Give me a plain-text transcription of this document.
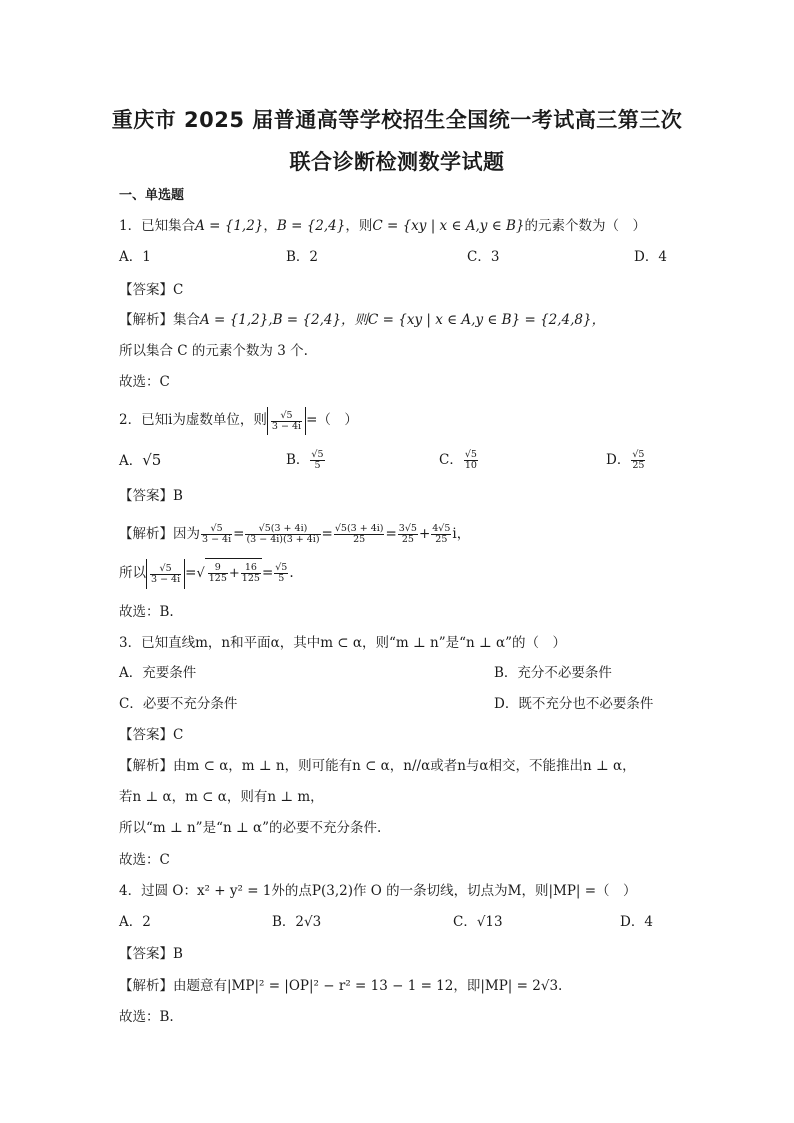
重庆市 2025 届普通高等学校招生全国统一考试高三第三次
联合诊断检测数学试题
一、单选题
1．已知集合A = {1,2}，B = {2,4}，则C = {xy | x ∈ A,y ∈ B}的元素个数为（　）
A．1	B．2	C．3	D．4
【答案】C
【解析】集合A = {1,2},B = {2,4}，则C = {xy | x ∈ A,y ∈ B} = {2,4,8}，
所以集合 C 的元素个数为 3 个.
故选：C
2．已知i为虚数单位，则 $\frac{√5}{3 - 4i}$ =（　）
A．√5	B． $\frac{√5}{5}$	C． $\frac{√5}{10}$	D． $\frac{√5}{25}$
【答案】B
【解析】因为 $\frac{√5}{3 - 4i} = \frac{√5(3 + 4i)}{(3 - 4i)(3 + 4i)} = \frac{√5(3 + 4i)}{25} = \frac{3√5}{25} + \frac{4√5}{25}$ i，
所以 $\frac{√5}{3 - 4i}$ =√ $\frac{9}{125} + \frac{16}{125} = \frac{√5}{5}$ .
故选：B.
3．已知直线m，n和平面α，其中m ⊂ α，则“m ⊥ n”是“n ⊥ α”的（　）
A．充要条件	B．充分不必要条件
C．必要不充分条件	D．既不充分也不必要条件
【答案】C
【解析】由m ⊂ α，m ⊥ n，则可能有n ⊂ α，n//α或者n与α相交，不能推出n ⊥ α，
若n ⊥ α，m ⊂ α，则有n ⊥ m，
所以“m ⊥ n”是“n ⊥ α”的必要不充分条件.
故选：C
4．过圆 O：x² + y² = 1外的点P(3,2)作 O 的一条切线，切点为M，则|MP| =（　）
A．2	B．2√3	C．√13	D．4
【答案】B
【解析】由题意有|MP|² = |OP|² − r² = 13 − 1 = 12，即|MP| = 2√3.
故选：B.
